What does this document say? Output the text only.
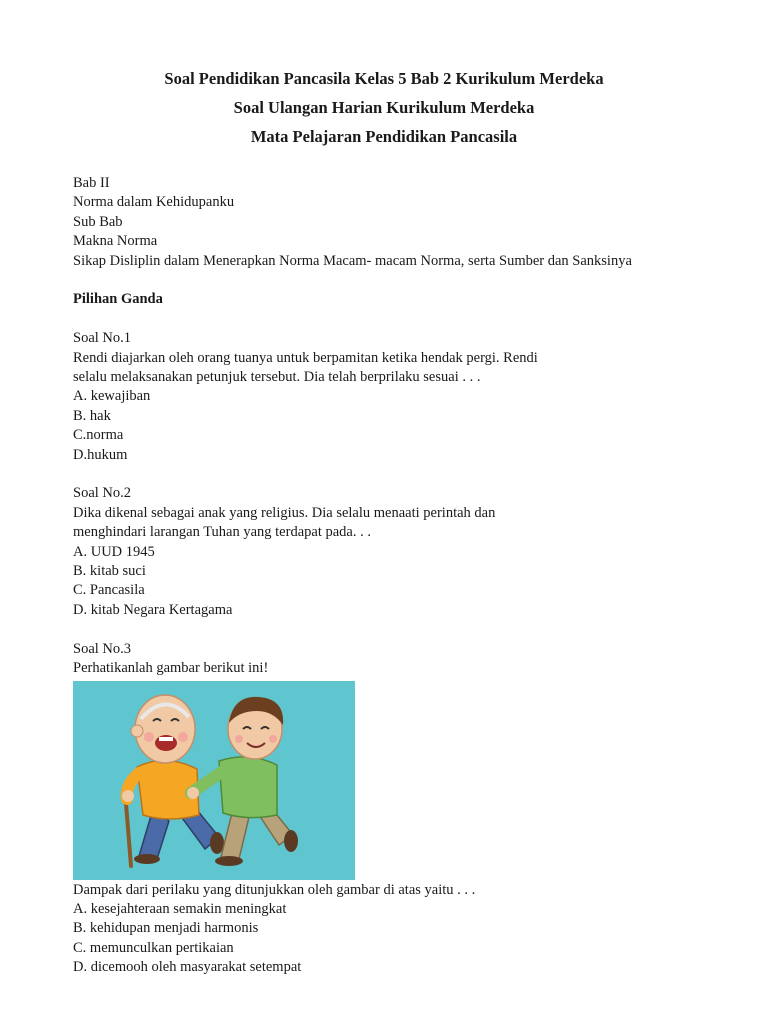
Soal Pendidikan Pancasila Kelas 5 Bab 2 Kurikulum Merdeka
Soal Ulangan Harian Kurikulum Merdeka
Mata Pelajaran Pendidikan Pancasila
Bab II
Norma dalam Kehidupanku
Sub Bab
Makna Norma
Sikap Disliplin dalam Menerapkan Norma Macam- macam Norma, serta Sumber dan Sanksinya
Pilihan Ganda
Soal No.1
Rendi diajarkan oleh orang tuanya untuk berpamitan ketika hendak pergi. Rendi
selalu melaksanakan petunjuk tersebut. Dia telah berprilaku sesuai . . .
A. kewajiban
B. hak
C.norma
D.hukum
Soal No.2
Dika dikenal sebagai anak yang religius. Dia selalu menaati perintah dan
menghindari larangan Tuhan yang terdapat pada. . .
A. UUD 1945
B. kitab suci
C. Pancasila
D. kitab Negara Kertagama
Soal No.3
Perhatikanlah gambar berikut ini!
Dampak dari perilaku yang ditunjukkan oleh gambar di atas yaitu . . .
A. kesejahteraan semakin meningkat
B. kehidupan menjadi harmonis
C. memunculkan pertikaian
D. dicemooh oleh masyarakat setempat
